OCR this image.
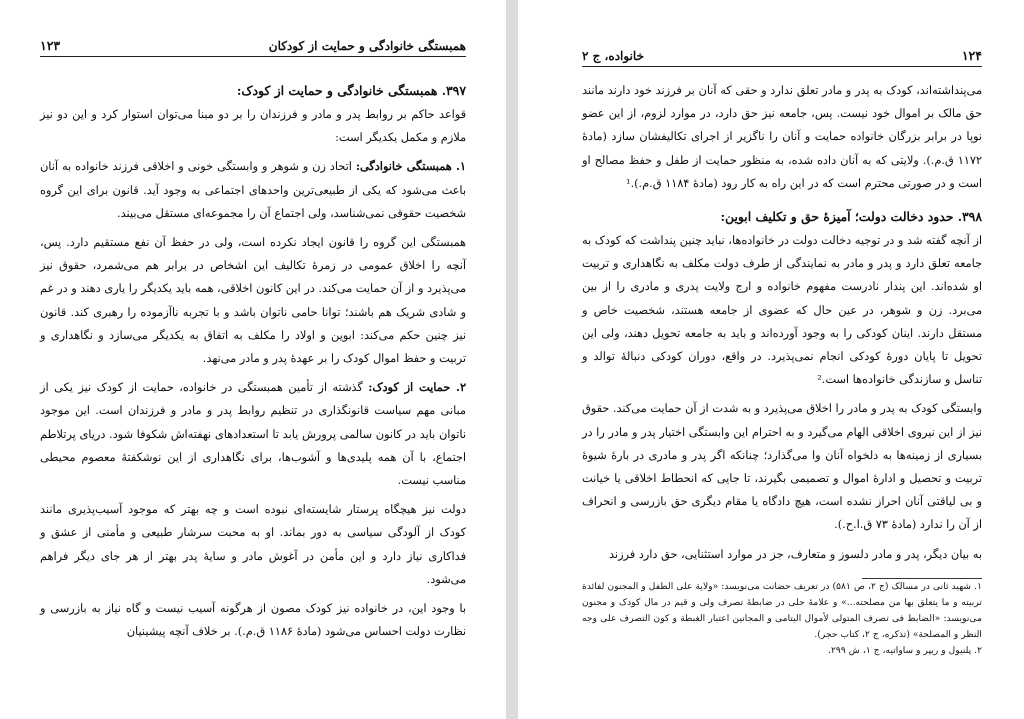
همبستگی خانوادگی و حمایت از کودکان
۱۲۳

۳۹۷. همبستگی خانوادگی و حمایت از کودک:

قواعد حاکم بر روابط پدر و مادر و فرزندان را بر دو مبنا می‌توان استوار کرد و این دو نیز ملازم و مکمل یکدیگر است:

۱. همبستگی خانوادگی: اتحاد زن و شوهر و وابستگی خونی و اخلاقی فرزند خانواده به آنان باعث می‌شود که یکی از طبیعی‌ترین واحدهای اجتماعی به وجود آید. قانون برای این گروه شخصیت حقوقی نمی‌شناسد، ولی اجتماع آن را مجموعه‌ای مستقل می‌بیند.

همبستگی این گروه را قانون ایجاد نکرده است، ولی در حفظ آن نفع مستقیم دارد. پس، آنچه را اخلاق عمومی در زمرهٔ تکالیف این اشخاص در برابر هم می‌شمرد، حقوق نیز می‌پذیرد و از آن حمایت می‌کند. در این کانون اخلاقی، همه باید یکدیگر را یاری دهند و در غم و شادی شریک هم باشند؛ توانا حامی ناتوان باشد و با تجربه ناآزموده را رهبری کند. قانون نیز چنین حکم می‌کند: ابوین و اولاد را مکلف به اتفاق به یکدیگر می‌سازد و نگاهداری و تربیت و حفظ اموال کودک را بر عهدهٔ پدر و مادر می‌نهد.

۲. حمایت از کودک: گذشته از تأمین همبستگی در خانواده، حمایت از کودک نیز یکی از مبانی مهم سیاست قانونگذاری در تنظیم روابط پدر و مادر و فرزندان است. این موجود ناتوان باید در کانون سالمی پرورش یابد تا استعدادهای نهفته‌اش شکوفا شود. دریای پرتلاطم اجتماع، با آن همه پلیدی‌ها و آشوب‌ها، برای نگاهداری از این نوشکفتهٔ معصوم محیطی مناسب نیست.

دولت نیز هیچگاه پرستار شایسته‌ای نبوده است و چه بهتر که موجود آسیب‌پذیری مانند کودک از آلودگی سیاسی به دور بماند. او به محبت سرشار طبیعی و مأمنی از عشق و فداکاری نیاز دارد و این مأمن در آغوش مادر و سایهٔ پدر بهتر از هر جای دیگر فراهم می‌شود.

با وجود این، در خانواده نیز کودک مصون از هرگونه آسیب نیست و گاه نیاز به بازرسی و نظارت دولت احساس می‌شود (مادهٔ ۱۱۸۶ ق.م.). بر خلاف آنچه پیشینیان

۱۲۴
خانواده، ج ۲

می‌پنداشته‌اند، کودک به پدر و مادر تعلق ندارد و حقی که آنان بر فرزند خود دارند مانند حق مالک بر اموال خود نیست. پس، جامعه نیز حق دارد، در موارد لزوم، از این عضو نوپا در برابر بزرگان خانواده حمایت و آنان را ناگزیر از اجرای تکالیفشان سازد (مادهٔ ۱۱۷۲ ق.م.). ولایتی که به آنان داده شده، به منظور حمایت از طفل و حفظ مصالح او است و در صورتی محترم است که در این راه به کار رود (مادهٔ ۱۱۸۴ ق.م.).¹

۳۹۸. حدود دخالت دولت؛ آمیزهٔ حق و تکلیف ابوین:

از آنچه گفته شد و در توجیه دخالت دولت در خانواده‌ها، نباید چنین پنداشت که کودک به جامعه تعلق دارد و پدر و مادر به نمایندگی از طرف دولت مکلف به نگاهداری و تربیت او شده‌اند. این پندار نادرست مفهوم خانواده و ارج ولایت پدری و مادری را از بین می‌برد. زن و شوهر، در عین حال که عضوی از جامعه هستند، شخصیت خاص و مستقل دارند. اینان کودکی را به وجود آورده‌اند و باید به جامعه تحویل دهند، ولی این تحویل تا پایان دورهٔ کودکی انجام نمی‌پذیرد. در واقع، دوران کودکی دنبالهٔ توالد و تناسل و سازندگی خانواده‌ها است.²

وابستگی کودک به پدر و مادر را اخلاق می‌پذیرد و به شدت از آن حمایت می‌کند. حقوق نیز از این نیروی اخلاقی الهام می‌گیرد و به احترام این وابستگی اختیار پدر و مادر را در بسیاری از زمینه‌ها به دلخواه آنان وا می‌گذارد؛ چنانکه اگر پدر و مادری در بارهٔ شیوهٔ تربیت و تحصیل و ادارهٔ اموال و تصمیمی بگیرند، تا جایی که انحطاط اخلاقی یا خیانت و بی لیاقتی آنان احراز نشده است، هیچ دادگاه یا مقام دیگری حق بازرسی و انحراف از آن را ندارد (مادهٔ ۷۳ ق.ا.ح.).

به بیان دیگر، پدر و مادر دلسوز و متعارف، جز در موارد استثنایی، حق دارد فرزند

۱. شهید ثانی در مسالک (ج ۲، ص ۵۸۱) در تعریف حضانت می‌نویسد: «ولایة علی الطفل و المجنون لفائدة تربیته و ما یتعلق بها من مصلحته...» و علامهٔ حلی در ضابطهٔ تصرف ولی و قیم در مال کودک و مجنون می‌نویسد: «الضابط فی تصرف المتولی لأموال الیتامی و المجانین اعتبار الغبطة و کون التصرف علی وجه النظر و المصلحة» (تذکره، ج ۲، کتاب حجر).

۲. پلنیول و ریپر و ساواتیه، ج ۱، ش ۲۹۹.
